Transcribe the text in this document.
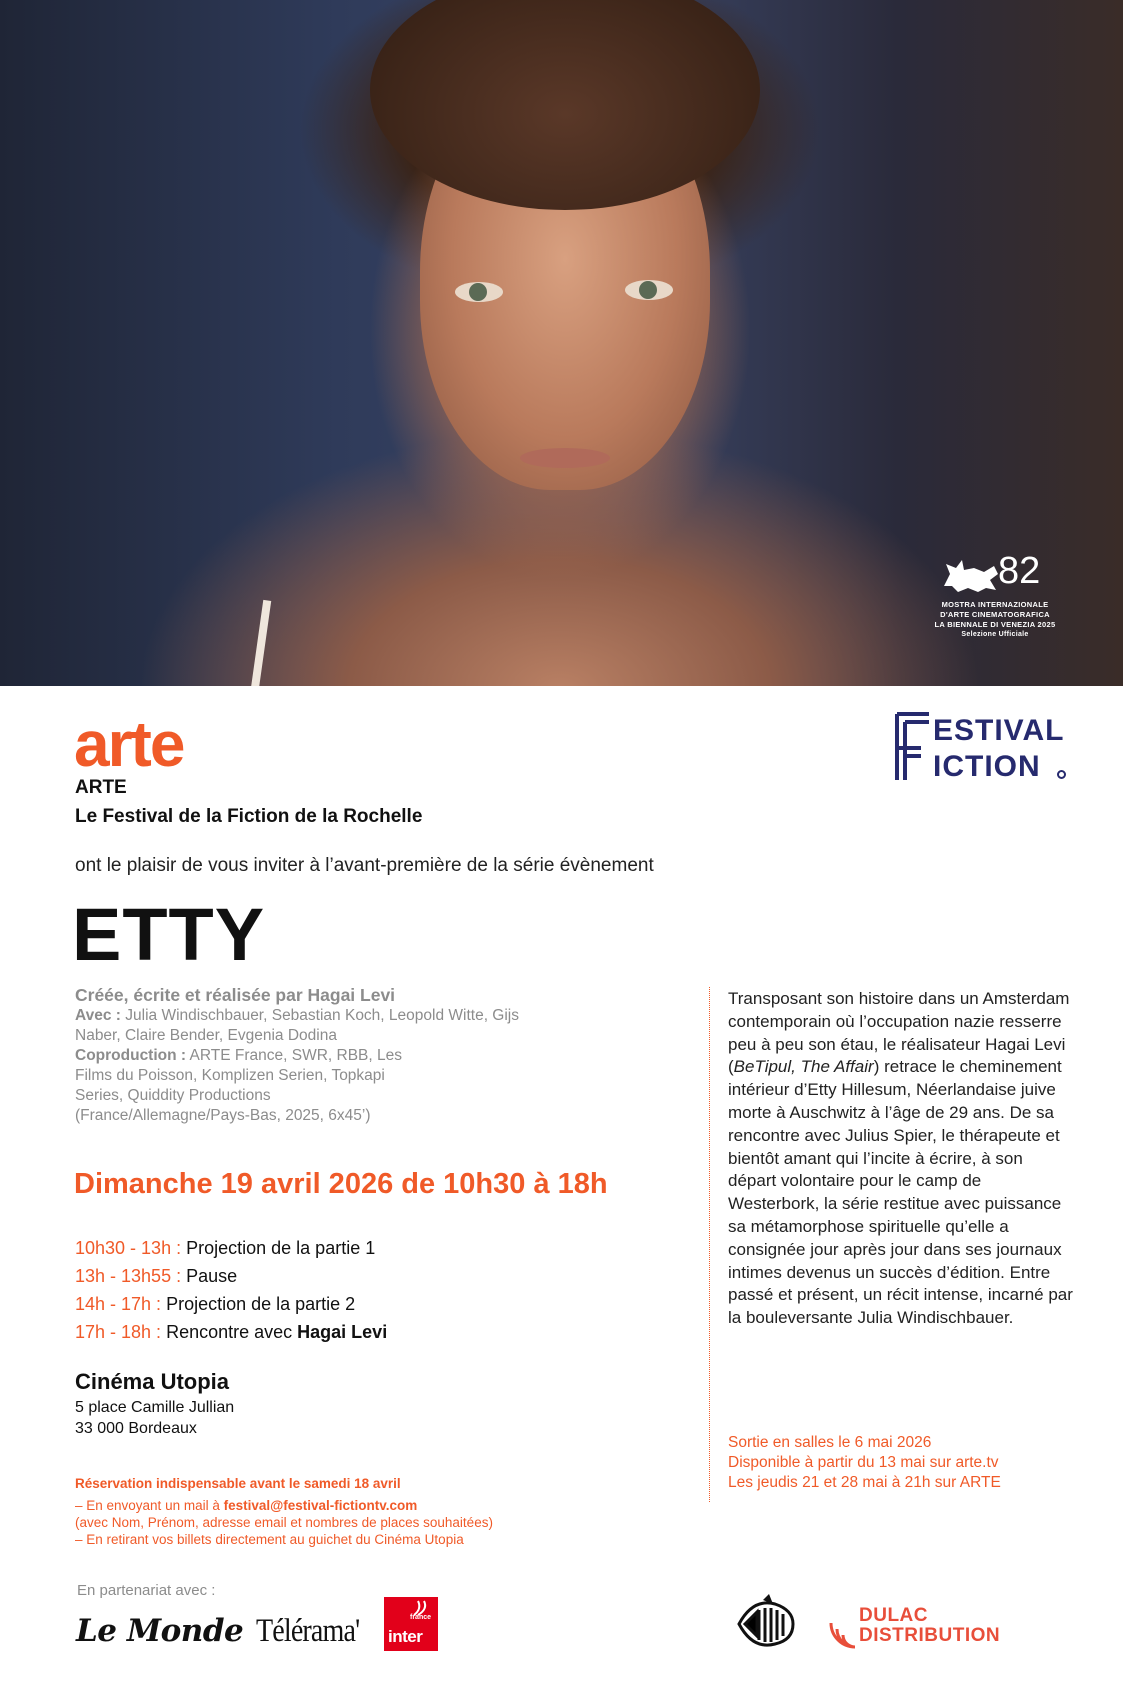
82
MOSTRA INTERNAZIONALE
D'ARTE CINEMATOGRAFICA
LA BIENNALE DI VENEZIA 2025
Selezione Ufficiale
arte	ESTIVAL
ICTION
ARTE
Le Festival de la Fiction de la Rochelle
ont le plaisir de vous inviter à l’avant-première de la série évènement
ETTY
Créée, écrite et réalisée par Hagai Levi
Avec : Julia Windischbauer, Sebastian Koch, Leopold Witte, Gijs Naber, Claire Bender, Evgenia Dodina
Coproduction : ARTE France, SWR, RBB, Les Films du Poisson, Komplizen Serien, Topkapi Series, Quiddity Productions
(France/Allemagne/Pays-Bas, 2025, 6x45’)
Dimanche 19 avril 2026 de 10h30 à 18h
10h30 - 13h : Projection de la partie 1
13h - 13h55 : Pause
14h - 17h : Projection de la partie 2
17h - 18h : Rencontre avec Hagai Levi
Cinéma Utopia
5 place Camille Jullian
33 000 Bordeaux
Réservation indispensable avant le samedi 18 avril
– En envoyant un mail à festival@festival-fictiontv.com
(avec Nom, Prénom, adresse email et nombres de places souhaitées)
– En retirant vos billets directement au guichet du Cinéma Utopia
Transposant son histoire dans un Amsterdam contemporain où l’occupation nazie resserre peu à peu son étau, le réalisateur Hagai Levi (BeTipul, The Affair) retrace le cheminement intérieur d’Etty Hillesum, Néerlandaise juive morte à Auschwitz à l’âge de 29 ans. De sa rencontre avec Julius Spier, le thérapeute et bientôt amant qui l’incite à écrire, à son départ volontaire pour le camp de Westerbork, la série restitue avec puissance sa métamorphose spirituelle qu’elle a consignée jour après jour dans ses journaux intimes devenus un succès d’édition. Entre passé et présent, un récit intense, incarné par la bouleversante Julia Windischbauer.
Sortie en salles le 6 mai 2026
Disponible à partir du 13 mai sur arte.tv
Les jeudis 21 et 28 mai à 21h sur ARTE
En partenariat avec :
Le Monde Télérama'	france
inter
DULAC
DISTRIBUTION
